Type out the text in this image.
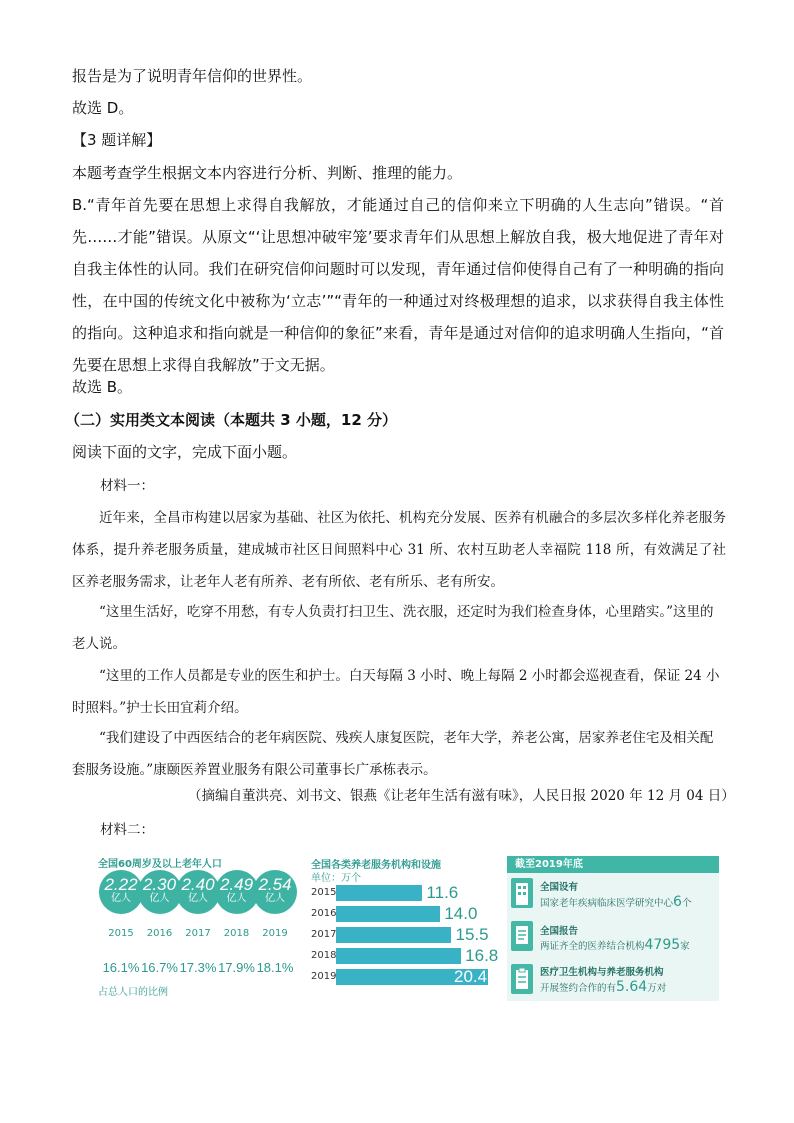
报告是为了说明青年信仰的世界性。
故选 D。
【3 题详解】
本题考查学生根据文本内容进行分析、判断、推理的能力。
B.“青年首先要在思想上求得自我解放，才能通过自己的信仰来立下明确的人生志向”错误。“首先……才能”错误。从原文“‘让思想冲破牢笼’要求青年们从思想上解放自我，极大地促进了青年对自我主体性的认同。我们在研究信仰问题时可以发现，青年通过信仰使得自己有了一种明确的指向性，在中国的传统文化中被称为‘立志’”“青年的一种通过对终极理想的追求，以求获得自我主体性的指向。这种追求和指向就是一种信仰的象征”来看，青年是通过对信仰的追求明确人生指向，“首先要在思想上求得自我解放”于文无据。
故选 B。
（二）实用类文本阅读（本题共 3 小题，12 分）
阅读下面的文字，完成下面小题。
材料一：
近年来，全昌市构建以居家为基础、社区为依托、机构充分发展、医养有机融合的多层次多样化养老服务体系，提升养老服务质量，建成城市社区日间照料中心 31 所、农村互助老人幸福院 118 所，有效满足了社区养老服务需求，让老年人老有所养、老有所依、老有所乐、老有所安。
“这里生活好，吃穿不用愁，有专人负责打扫卫生、洗衣服，还定时为我们检查身体，心里踏实。”这里的老人说。
“这里的工作人员都是专业的医生和护士。白天每隔 3 小时、晚上每隔 2 小时都会巡视查看，保证 24 小时照料。”护士长田宜莉介绍。
“我们建设了中西医结合的老年病医院、残疾人康复医院，老年大学，养老公寓，居家养老住宅及相关配套服务设施。”康颐医养置业服务有限公司董事长广承栋表示。
（摘编自董洪亮、刘书文、银燕《让老年生活有滋有味》，人民日报 2020 年 12 月 04 日）
材料二：
全国60周岁及以上老年人口
2.22
亿人
2015
16.1%
2.30
亿人
2016
16.7%
2.40
亿人
2017
17.3%
2.49
亿人
2018
17.9%
2.54
亿人
2019
18.1%
占总人口的比例
全国各类养老服务机构和设施
单位：万个
2015	11.6
2016	14.0
2017	15.5
2018	16.8
2019	20.4
截至2019年底
全国设有
国家老年疾病临床医学研究中心6个
全国报告
两证齐全的医养结合机构4795家
医疗卫生机构与养老服务机构
开展签约合作的有5.64万对
